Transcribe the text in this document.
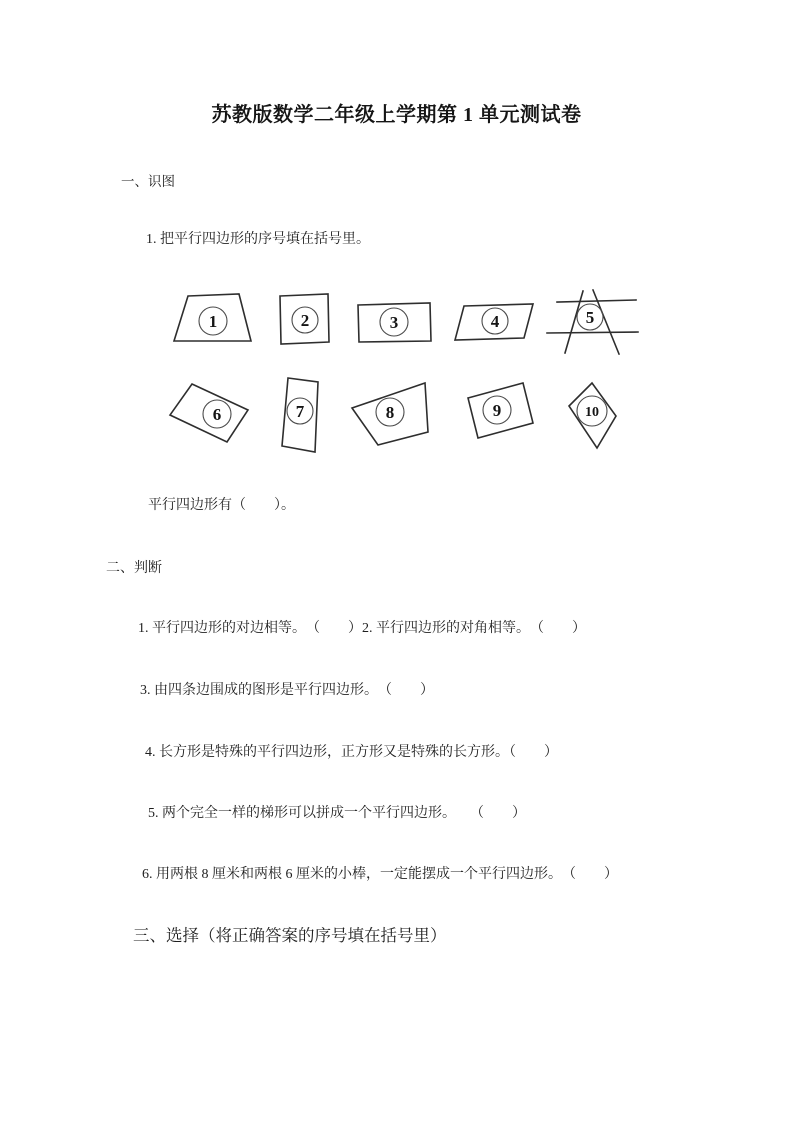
苏教版数学二年级上学期第 1 单元测试卷
一、识图
1. 把平行四边形的序号填在括号里。
1	2	3	4	5
6	7	8	9	10
平行四边形有（　　）。
二、判断
1. 平行四边形的对边相等。　（　　）2. 平行四边形的对角相等。　（　　）
3. 由四条边围成的图形是平行四边形。　（　　）
4. 长方形是特殊的平行四边形，正方形又是特殊的长方形。（　　）
5. 两个完全一样的梯形可以拼成一个平行四边形。　　（　　）
6. 用两根 8 厘米和两根 6 厘米的小棒，一定能摆成一个平行四边形。　（　　）
三、选择（将正确答案的序号填在括号里）
